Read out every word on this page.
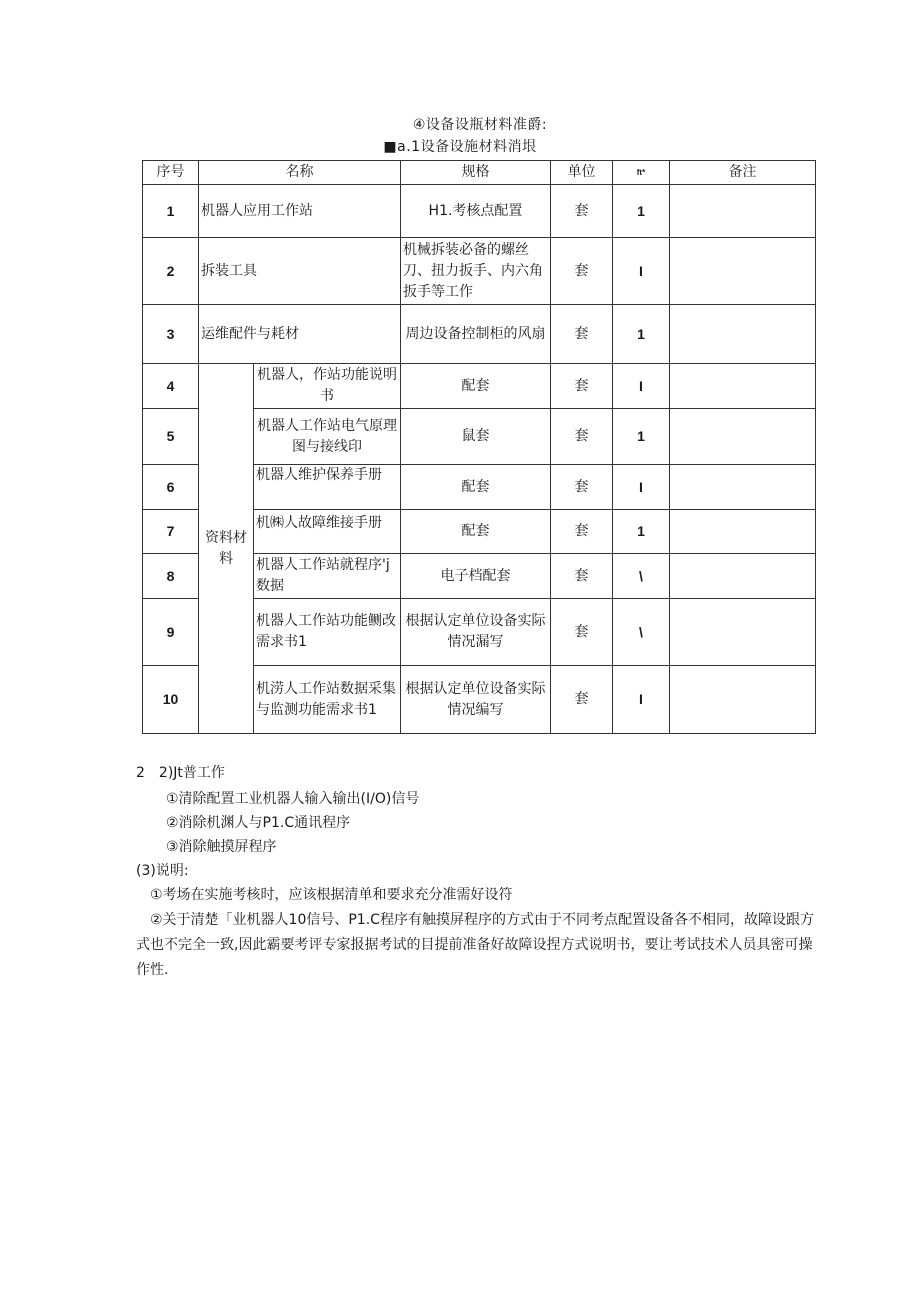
④设备设瓶材料准爵:
■a.1设备设施材料消垠
序号	名称		规格	单位	ft*	备注
1	机器人应用工作站		H1.考核点配置	套	1	
2	拆装工具		机械拆装必备的螺丝刀、扭力扳手、内六角扳手等工作	套	I	
3	运维配件与耗材		周边设备控制柜的风扇	套	1	
4	资料材料	机器人，作站功能说明书	配套	套	I	
5		机器人工作站电气原理图与接线印	鼠套	套	1	
6		机器人维护保养手册	配套	套	I	
7		机㈱人故障维接手册	配套	套	1	
8		机器人工作站就程序'j数据	电子档配套	套	\	
9		机器人工作站功能鲗改需求书1	根据认定单位设备实际情况漏写	套	\	
10		机涝人工作站数据采集与监测功能需求书1	根据认定单位设备实际情况编写	套	I	
2　2)Jt普工作
①清除配置工业机器人输入输出(I/O)信号
②消除机渊人与P1.C通讯程序
③消除触摸屏程序
(3)说明:
①考场在实施考核时，应该根据清单和要求充分准需好设符
②关于清楚「业机器人10信号、P1.C程序有触摸屏程序的方式由于不同考点配置设备各不相同，故障设跟方式也不完全一致,因此霸要考评专家报据考试的目提前准备好故障设捏方式说明书，要让考试技术人员具密可操作性.
